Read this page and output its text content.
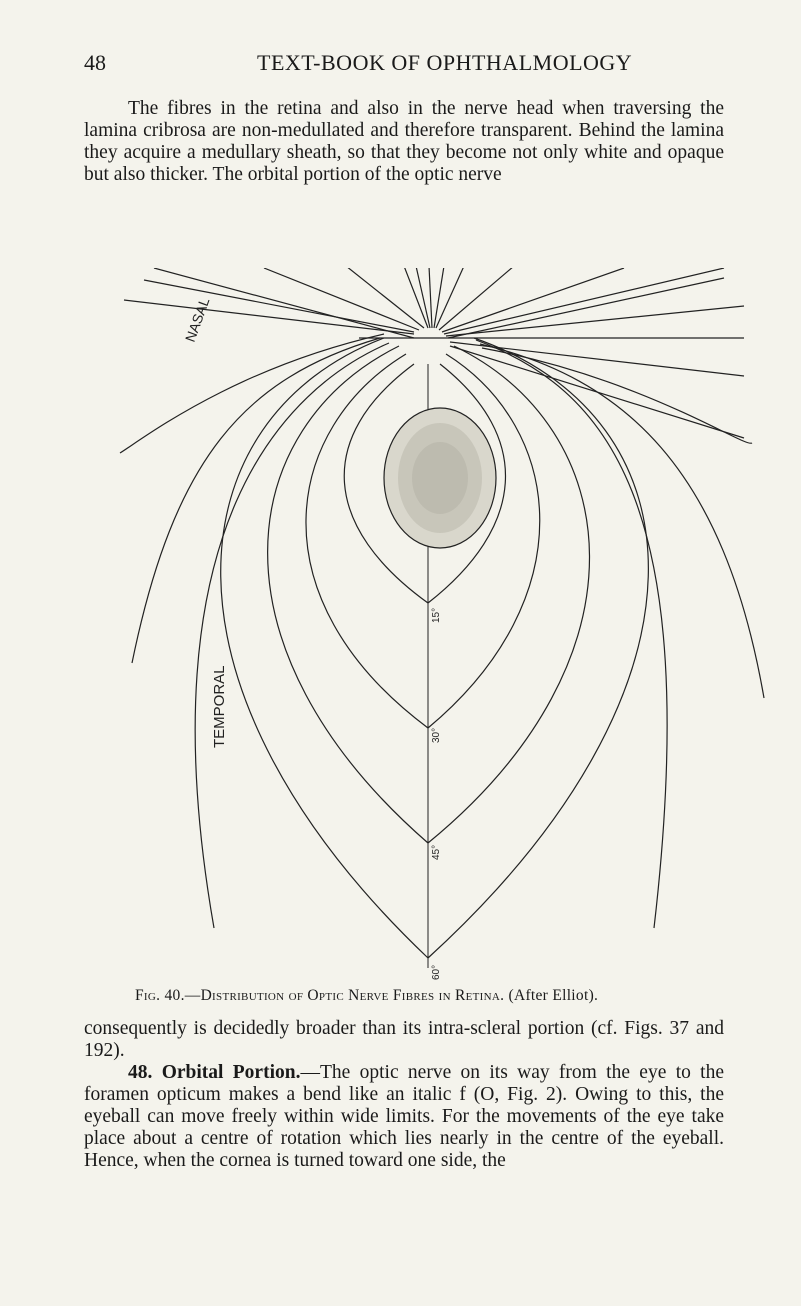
48	TEXT-BOOK OF OPHTHALMOLOGY

The fibres in the retina and also in the nerve head when traversing the lamina cribrosa are non-medullated and therefore transparent. Behind the lamina they acquire a medullary sheath, so that they become not only white and opaque but also thicker. The orbital portion of the optic nerve

NASAL
TEMPORAL
15°
30°
45°
60°
Fig. 40.—Distribution of Optic Nerve Fibres in Retina. (After Elliot).

consequently is decidedly broader than its intra-scleral portion (cf. Figs. 37 and 192).

48. Orbital Portion.—The optic nerve on its way from the eye to the foramen opticum makes a bend like an italic f (O, Fig. 2). Owing to this, the eyeball can move freely within wide limits. For the movements of the eye take place about a centre of rotation which lies nearly in the centre of the eyeball. Hence, when the cornea is turned toward one side, the
